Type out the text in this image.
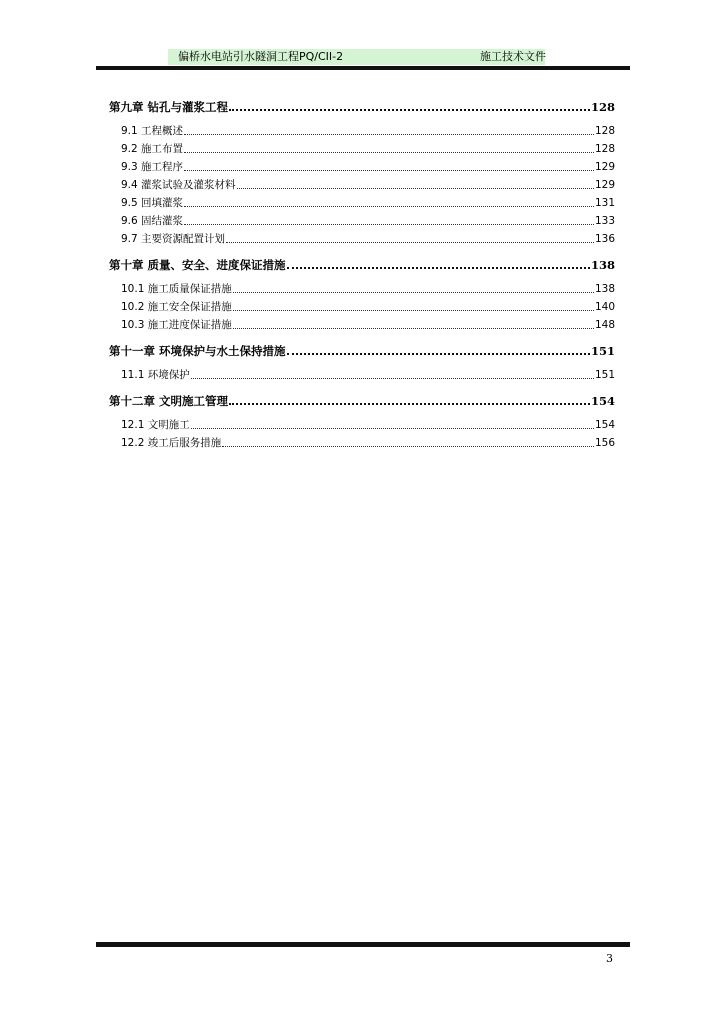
偏桥水电站引水隧洞工程PQ/CII-2	施工技术文件
第九章 钻孔与灌浆工程	128
9.1 工程概述	128
9.2 施工布置	128
9.3 施工程序	129
9.4 灌浆试验及灌浆材料	129
9.5 回填灌浆	131
9.6 固结灌浆	133
9.7 主要资源配置计划	136
第十章 质量、安全、进度保证措施	138
10.1 施工质量保证措施	138
10.2 施工安全保证措施	140
10.3 施工进度保证措施	148
第十一章 环境保护与水土保持措施	151
11.1 环境保护	151
第十二章 文明施工管理	154
12.1 文明施工	154
12.2 竣工后服务措施	156
3
